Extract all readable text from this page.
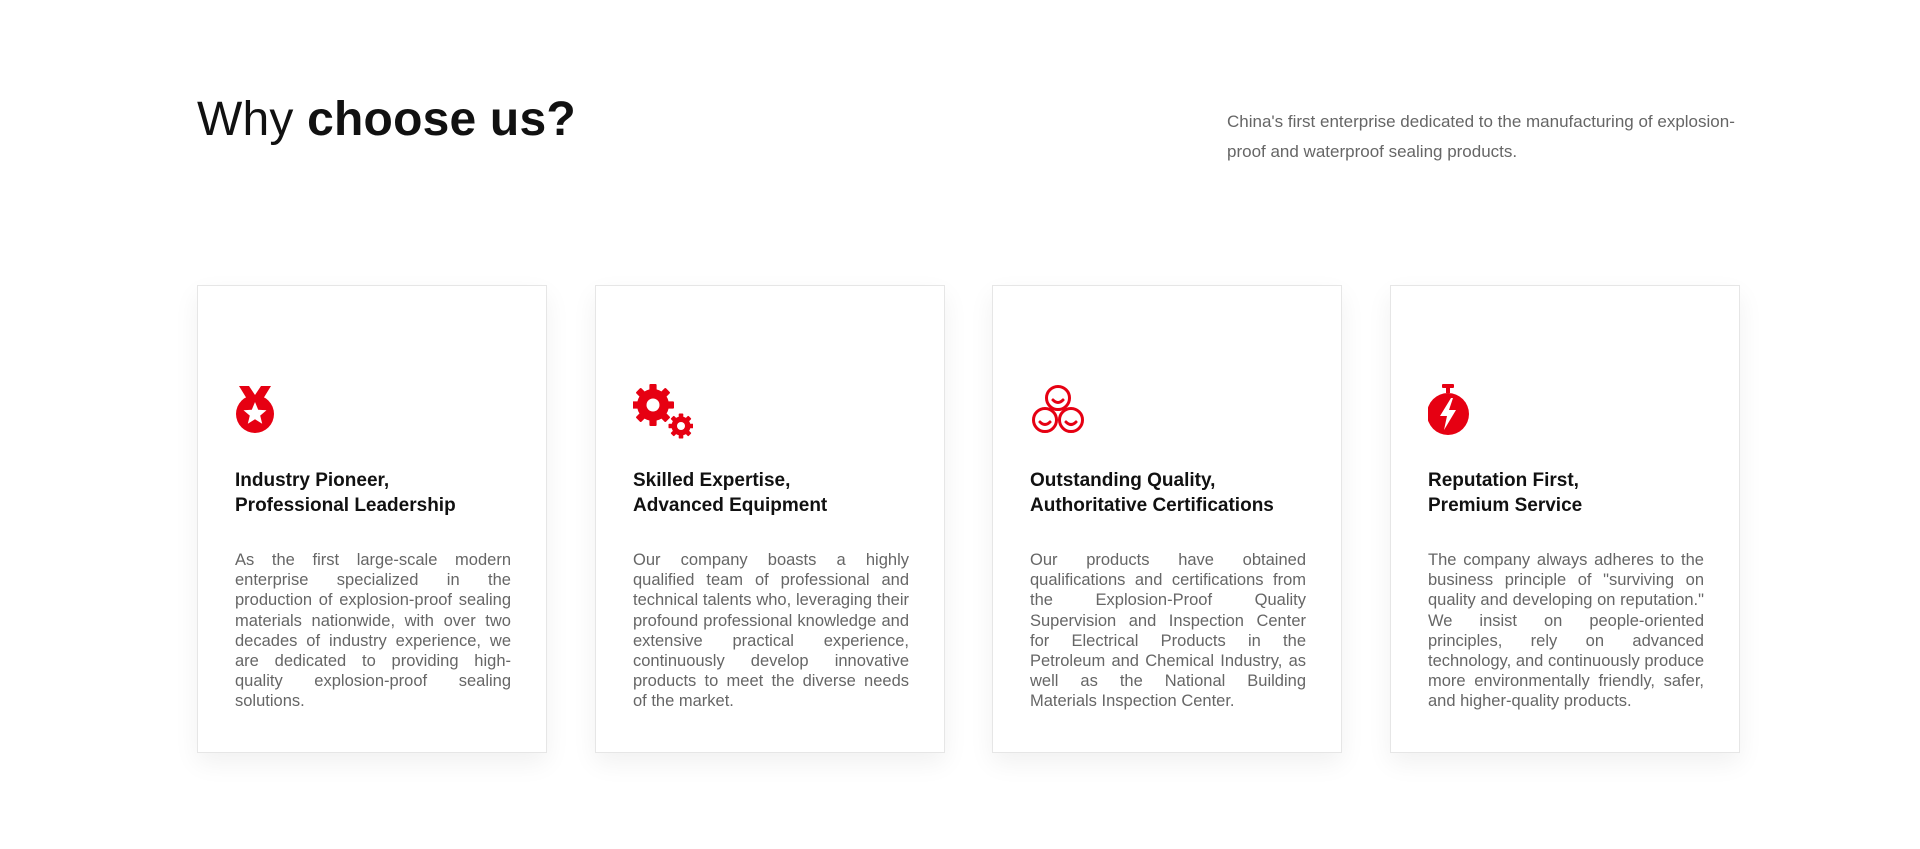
Why choose us?	China's first enterprise dedicated to the manufacturing of explosion-proof and waterproof sealing products.

Industry Pioneer,
Professional Leadership

As the first large-scale modern enterprise specialized in the production of explosion-proof sealing materials nationwide, with over two decades of industry experience, we are dedicated to providing high-quality explosion-proof sealing solutions.

Skilled Expertise,
Advanced Equipment

Our company boasts a highly qualified team of professional and technical talents who, leveraging their profound professional knowledge and extensive practical experience, continuously develop innovative products to meet the diverse needs of the market.

Outstanding Quality,
Authoritative Certifications

Our products have obtained qualifications and certifications from the Explosion-Proof Quality Supervision and Inspection Center for Electrical Products in the Petroleum and Chemical Industry, as well as the National Building Materials Inspection Center.

Reputation First,
Premium Service

The company always adheres to the business principle of "surviving on quality and developing on reputation." We insist on people-oriented principles, rely on advanced technology, and continuously produce more environmentally friendly, safer, and higher-quality products.
